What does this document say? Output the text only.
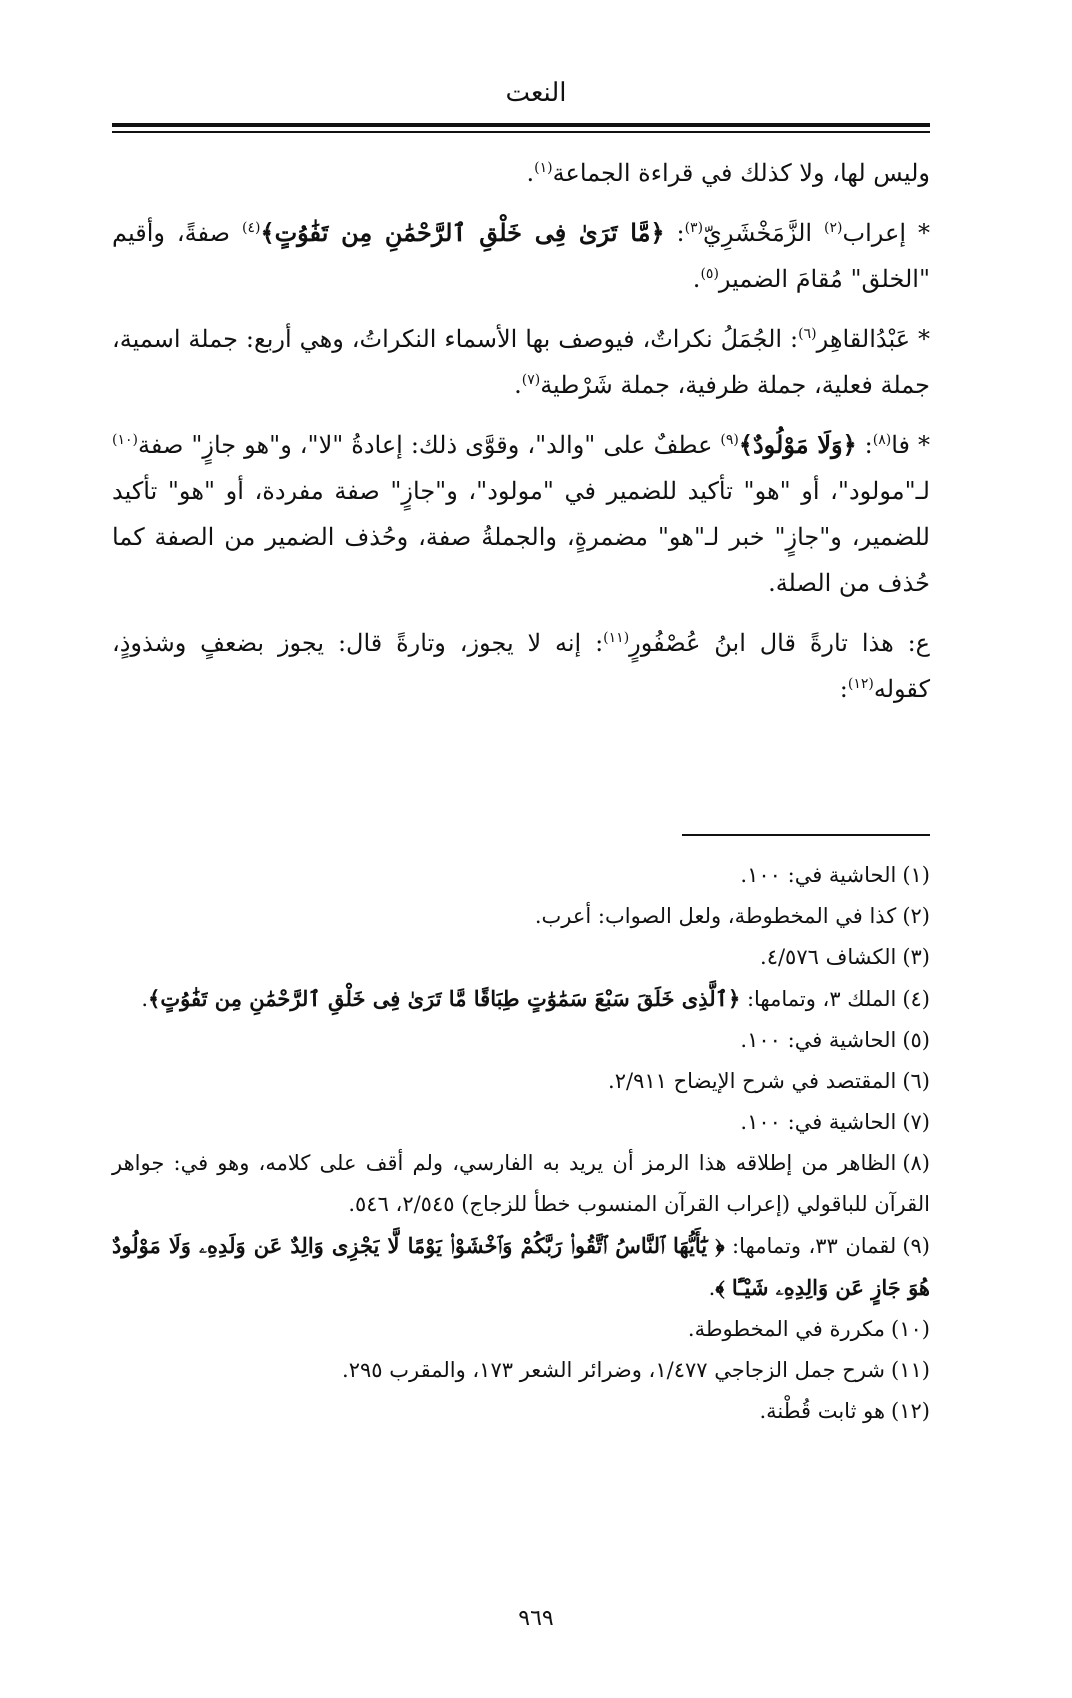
النعت

وليس لها، ولا كذلك في قراءة الجماعة$^{(١)}$.

* إعراب$^{(٢)}$ الزَّمَخْشَرِيّ$^{(٣)}$: ﴿مَّا تَرَىٰ فِى خَلْقِ ٱلرَّحْمَٰنِ مِن تَفَٰوُتٍ﴾$^{(٤)}$ صفةً، وأقيم "الخلق" مُقامَ الضمير$^{(٥)}$.

* عَبْدُالقاهِر$^{(٦)}$: الجُمَلُ نكراتٌ، فيوصف بها الأسماء النكراتُ، وهي أربع: جملة اسمية، جملة فعلية، جملة ظرفية، جملة شَرْطية$^{(٧)}$.

* فا$^{(٨)}$: ﴿وَلَا مَوْلُودٌ﴾$^{(٩)}$ عطفٌ على "والد"، وقوَّى ذلك: إعادةُ "لا"، و"هو جازٍ" صفة$^{(١٠)}$ لـ"مولود"، أو "هو" تأكيد للضمير في "مولود"، و"جازٍ" صفة مفردة، أو "هو" تأكيد للضمير، و"جازٍ" خبر لـ"هو" مضمرةٍ، والجملةُ صفة، وحُذف الضمير من الصفة كما حُذف من الصلة.

ع: هذا تارةً قال ابنُ عُصْفُورٍ$^{(١١)}$: إنه لا يجوز، وتارةً قال: يجوز بضعفٍ وشذوذٍ، كقوله$^{(١٢)}$:

(١)الحاشية في: ١٠٠.

(٢)كذا في المخطوطة، ولعل الصواب: أعرب.

(٣)الكشاف ٤/٥٧٦.

(٤)الملك ٣، وتمامها: ﴿ٱلَّذِى خَلَقَ سَبْعَ سَمَٰوَٰتٍ طِبَاقًا مَّا تَرَىٰ فِى خَلْقِ ٱلرَّحْمَٰنِ مِن تَفَٰوُتٍ﴾.

(٥)الحاشية في: ١٠٠.

(٦)المقتصد في شرح الإيضاح ٢/٩١١.

(٧)الحاشية في: ١٠٠.

(٨)الظاهر من إطلاقه هذا الرمز أن يريد به الفارسي، ولم أقف على كلامه، وهو في: جواهر القرآن للباقولي (إعراب القرآن المنسوب خطأ للزجاج) ٢/٥٤٥، ٥٤٦.

(٩)لقمان ٣٣، وتمامها: ﴿ يَٰٓأَيُّهَا ٱلنَّاسُ ٱتَّقُوا۟ رَبَّكُمْ وَٱخْشَوْا۟ يَوْمًا لَّا يَجْزِى وَالِدٌ عَن وَلَدِهِۦ وَلَا مَوْلُودٌ هُوَ جَازٍ عَن وَالِدِهِۦ شَيْـًٔا ﴾.

(١٠)مكررة في المخطوطة.

(١١)شرح جمل الزجاجي ١/٤٧٧، وضرائر الشعر ١٧٣، والمقرب ٢٩٥.

(١٢)هو ثابت قُطْنة.

٩٦٩
